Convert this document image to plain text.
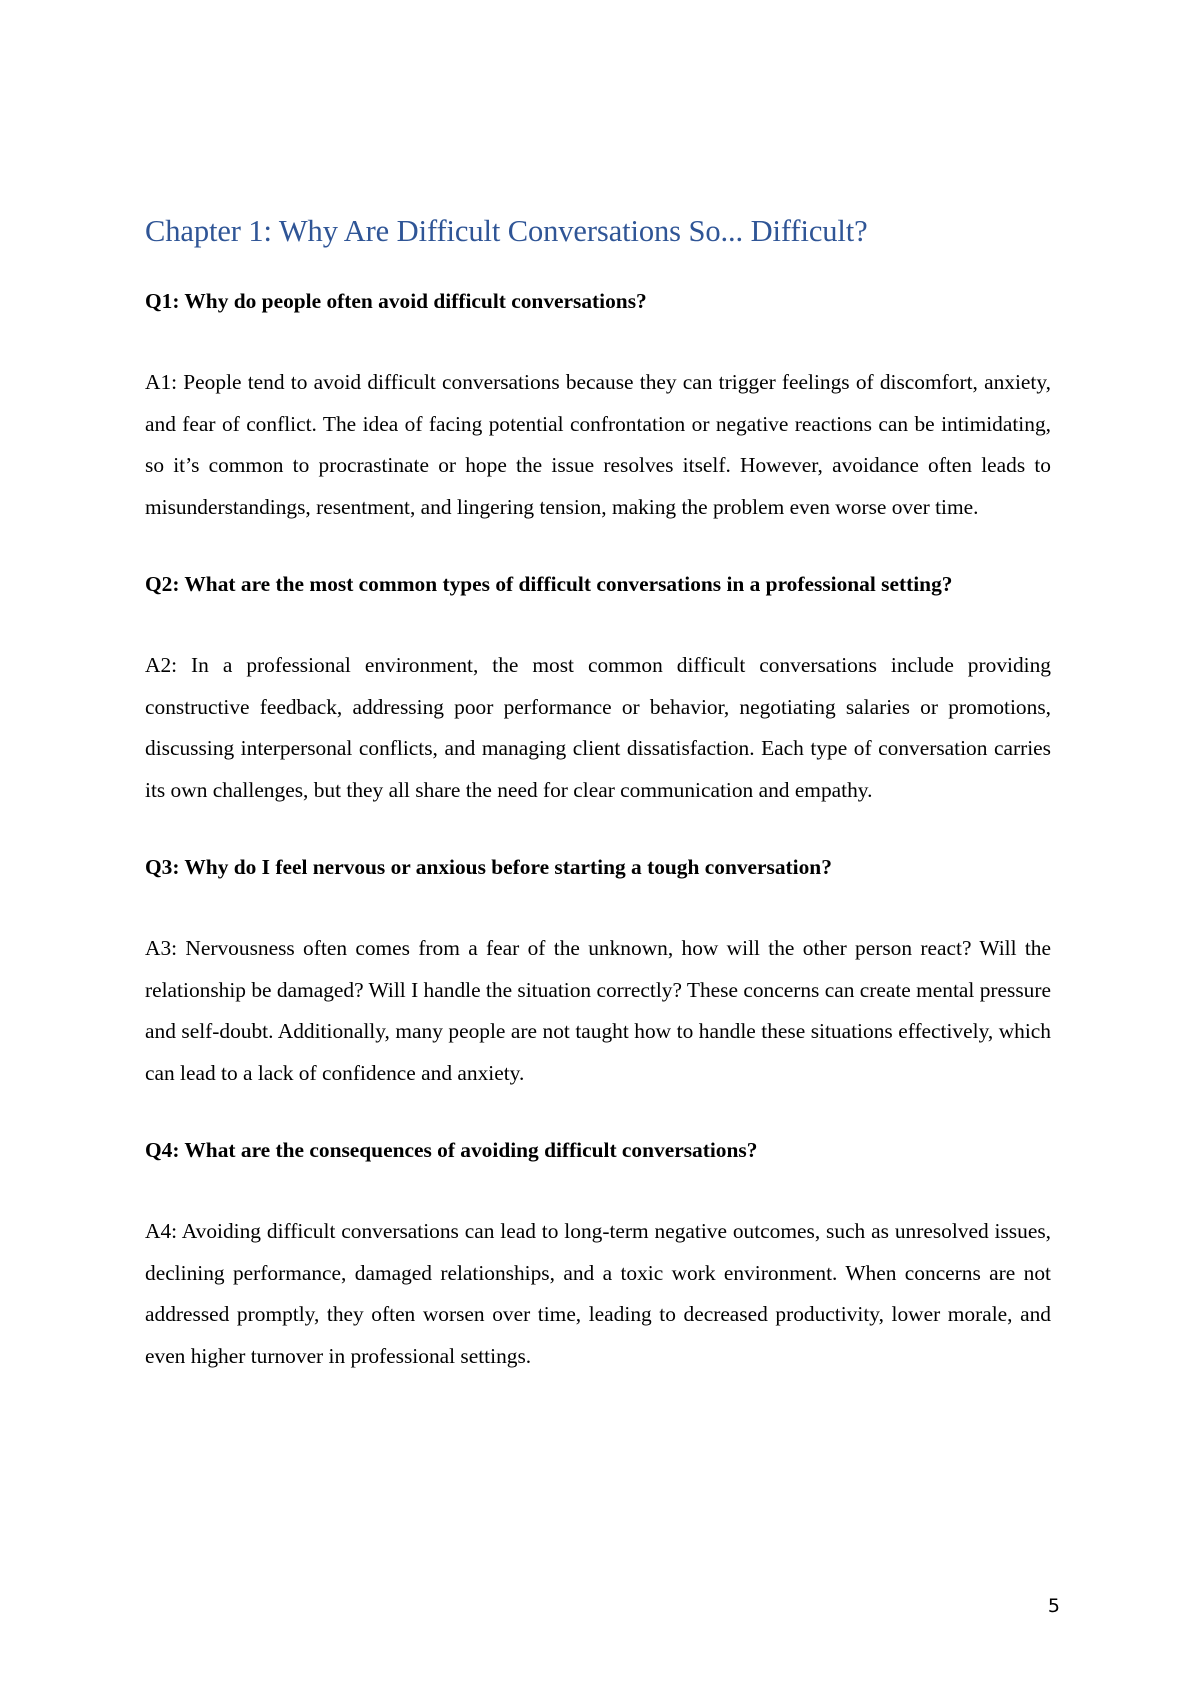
Chapter 1: Why Are Difficult Conversations So... Difficult?

Q1: Why do people often avoid difficult conversations?

A1: People tend to avoid difficult conversations because they can trigger feelings of discomfort, anxiety, and fear of conflict. The idea of facing potential confrontation or negative reactions can be intimidating, so it’s common to procrastinate or hope the issue resolves itself. However, avoidance often leads to misunderstandings, resentment, and lingering tension, making the problem even worse over time.

Q2: What are the most common types of difficult conversations in a professional setting?

A2: In a professional environment, the most common difficult conversations include providing constructive feedback, addressing poor performance or behavior, negotiating salaries or promotions, discussing interpersonal conflicts, and managing client dissatisfaction. Each type of conversation carries its own challenges, but they all share the need for clear communication and empathy.

Q3: Why do I feel nervous or anxious before starting a tough conversation?

A3: Nervousness often comes from a fear of the unknown, how will the other person react? Will the relationship be damaged? Will I handle the situation correctly? These concerns can create mental pressure and self-doubt. Additionally, many people are not taught how to handle these situations effectively, which can lead to a lack of confidence and anxiety.

Q4: What are the consequences of avoiding difficult conversations?

A4: Avoiding difficult conversations can lead to long-term negative outcomes, such as unresolved issues, declining performance, damaged relationships, and a toxic work environment. When concerns are not addressed promptly, they often worsen over time, leading to decreased productivity, lower morale, and even higher turnover in professional settings.

5
